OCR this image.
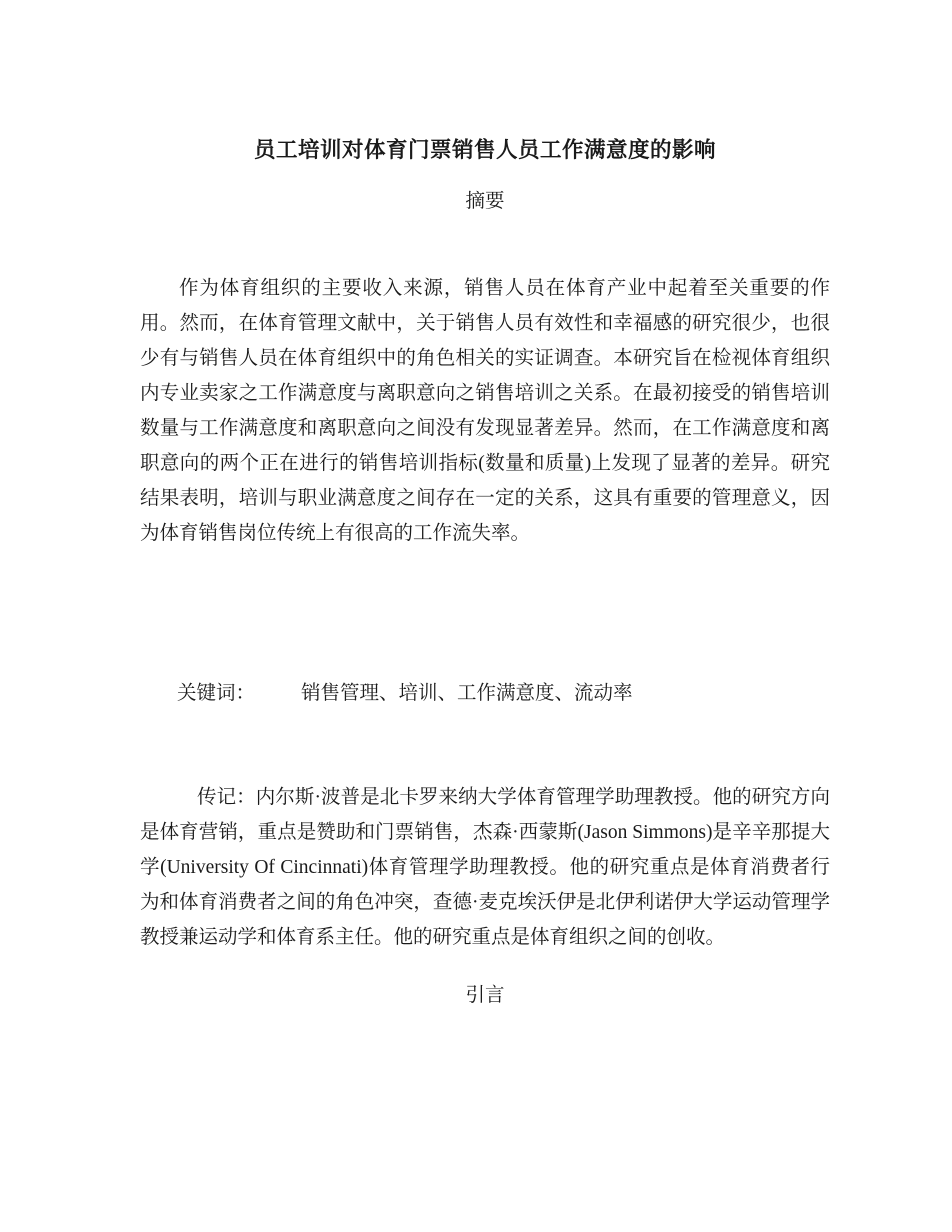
员工培训对体育门票销售人员工作满意度的影响
摘要

作为体育组织的主要收入来源，销售人员在体育产业中起着至关重要的作用。然而，在体育管理文献中，关于销售人员有效性和幸福感的研究很少，也很少有与销售人员在体育组织中的角色相关的实证调查。本研究旨在检视体育组织内专业卖家之工作满意度与离职意向之销售培训之关系。在最初接受的销售培训数量与工作满意度和离职意向之间没有发现显著差异。然而，在工作满意度和离职意向的两个正在进行的销售培训指标(数量和质量)上发现了显著的差异。研究结果表明，培训与职业满意度之间存在一定的关系，这具有重要的管理意义，因为体育销售岗位传统上有很高的工作流失率。

关键词： 销售管理、培训、工作满意度、流动率

传记：内尔斯·波普是北卡罗来纳大学体育管理学助理教授。他的研究方向是体育营销，重点是赞助和门票销售，杰森·西蒙斯(Jason Simmons)是辛辛那提大学(University Of Cincinnati)体育管理学助理教授。他的研究重点是体育消费者行为和体育消费者之间的角色冲突，查德·麦克埃沃伊是北伊利诺伊大学运动管理学教授兼运动学和体育系主任。他的研究重点是体育组织之间的创收。

引言
